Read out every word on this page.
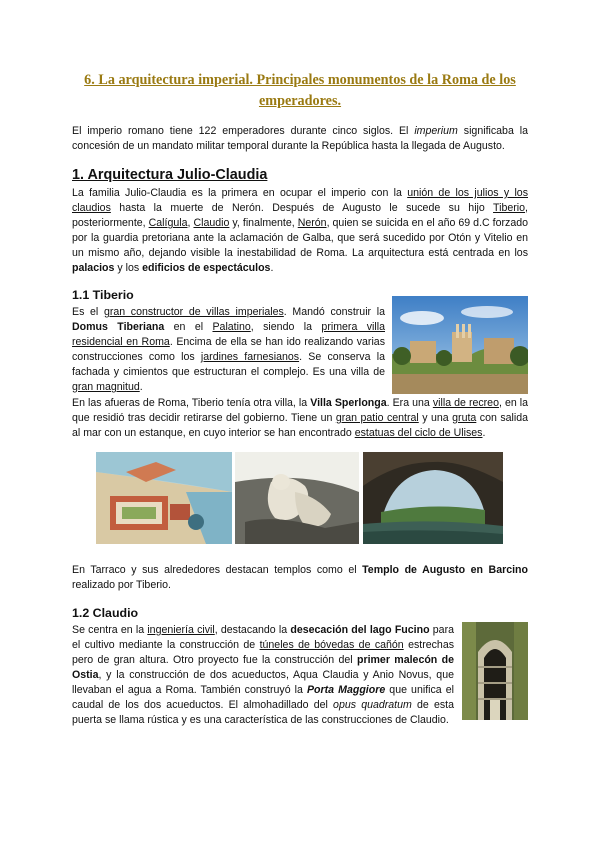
6. La arquitectura imperial. Principales monumentos de la Roma de los
emperadores.

El imperio romano tiene 122 emperadores durante cinco siglos. El imperium significaba la concesión de un mandato militar temporal durante la República hasta la llegada de Augusto.

1. Arquitectura Julio-Claudia

La familia Julio-Claudia es la primera en ocupar el imperio con la unión de los julios y los claudios hasta la muerte de Nerón. Después de Augusto le sucede su hijo Tiberio, posteriormente, Calígula, Claudio y, finalmente, Nerón, quien se suicida en el año 69 d.C forzado por la guardia pretoriana ante la aclamación de Galba, que será sucedido por Otón y Vitelio en un mismo año, dejando visible la inestabilidad de Roma. La arquitectura está centrada en los palacios y los edificios de espectáculos.

1.1 Tiberio

Es el gran constructor de villas imperiales. Mandó construir la Domus Tiberiana en el Palatino, siendo la primera villa residencial en Roma. Encima de ella se han ido realizando varias construcciones como los jardines farnesianos. Se conserva la fachada y cimientos que estructuran el complejo. Es una villa de gran magnitud.

En las afueras de Roma, Tiberio tenía otra villa, la Villa Sperlonga. Era una villa de recreo, en la que residió tras decidir retirarse del gobierno. Tiene un gran patio central y una gruta con salida al mar con un estanque, en cuyo interior se han encontrado estatuas del ciclo de Ulises.

En Tarraco y sus alrededores destacan templos como el Templo de Augusto en Barcino realizado por Tiberio.

1.2 Claudio

Se centra en la ingeniería civil, destacando la desecación del lago Fucino para el cultivo mediante la construcción de túneles de bóvedas de cañón estrechas pero de gran altura. Otro proyecto fue la construcción del primer malecón de Ostia, y la construcción de dos acueductos, Aqua Claudia y Anio Novus, que llevaban el agua a Roma. También construyó la Porta Maggiore que unifica el caudal de los dos acueductos. El almohadillado del opus quadratum de esta puerta se llama rústica y es una característica de las construcciones de Claudio.
